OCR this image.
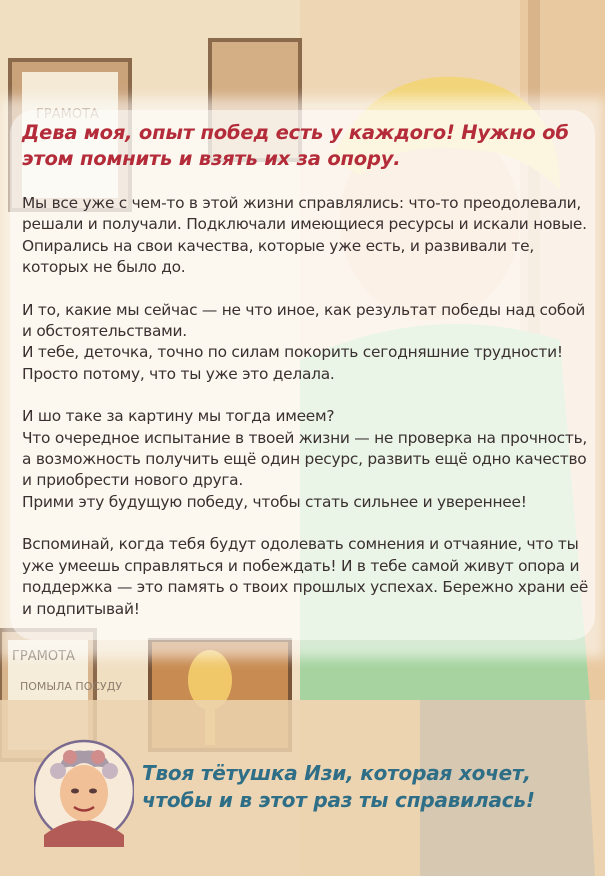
ПОМЫЛА ПОСУДУ
Дева моя, опыт побед есть у каждого! Нужно об этом помнить и взять их за опору.

Мы все уже с чем-то в этой жизни справлялись: что-то преодолевали, решали и получали. Подключали имеющиеся ресурсы и искали новые. Опирались на свои качества, которые уже есть, и развивали те, которых не было до.

И то, какие мы сейчас — не что иное, как результат победы над собой и обстоятельствами.
И тебе, деточка, точно по силам покорить сегодняшние трудности! Просто потому, что ты уже это делала.

И шо таке за картину мы тогда имеем?
Что очередное испытание в твоей жизни — не проверка на прочность, а возможность получить ещё один ресурс, развить ещё одно качество и приобрести нового друга.
Прими эту будущую победу, чтобы стать сильнее и увереннее!

Вспоминай, когда тебя будут одолевать сомнения и отчаяние, что ты уже умеешь справляться и побеждать! И в тебе самой живут опора и поддержка — это память о твоих прошлых успехах. Бережно храни её и подпитывай!

Твоя тётушка Изи, которая хочет, чтобы и в этот раз ты справилась!
